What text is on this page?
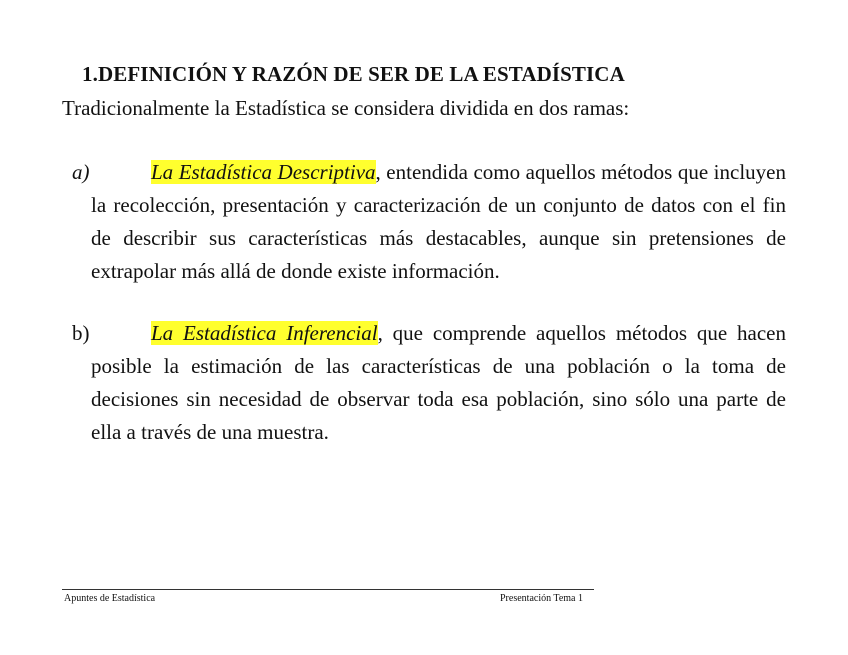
1.DEFINICIÓN Y RAZÓN DE SER DE LA ESTADÍSTICA
Tradicionalmente la Estadística se considera dividida en dos ramas:
a)	La Estadística Descriptiva, entendida como aquellos métodos que incluyen la recolección, presentación y caracterización de un conjunto de datos con el fin de describir sus características más destacables, aunque sin pretensiones de extrapolar más allá de donde existe información.
b)	La Estadística Inferencial, que comprende aquellos métodos que hacen posible la estimación de las características de una población o la toma de decisiones sin necesidad de observar toda esa población, sino sólo una parte de ella a través de una muestra.
Apuntes de Estadística	Presentación Tema 1
